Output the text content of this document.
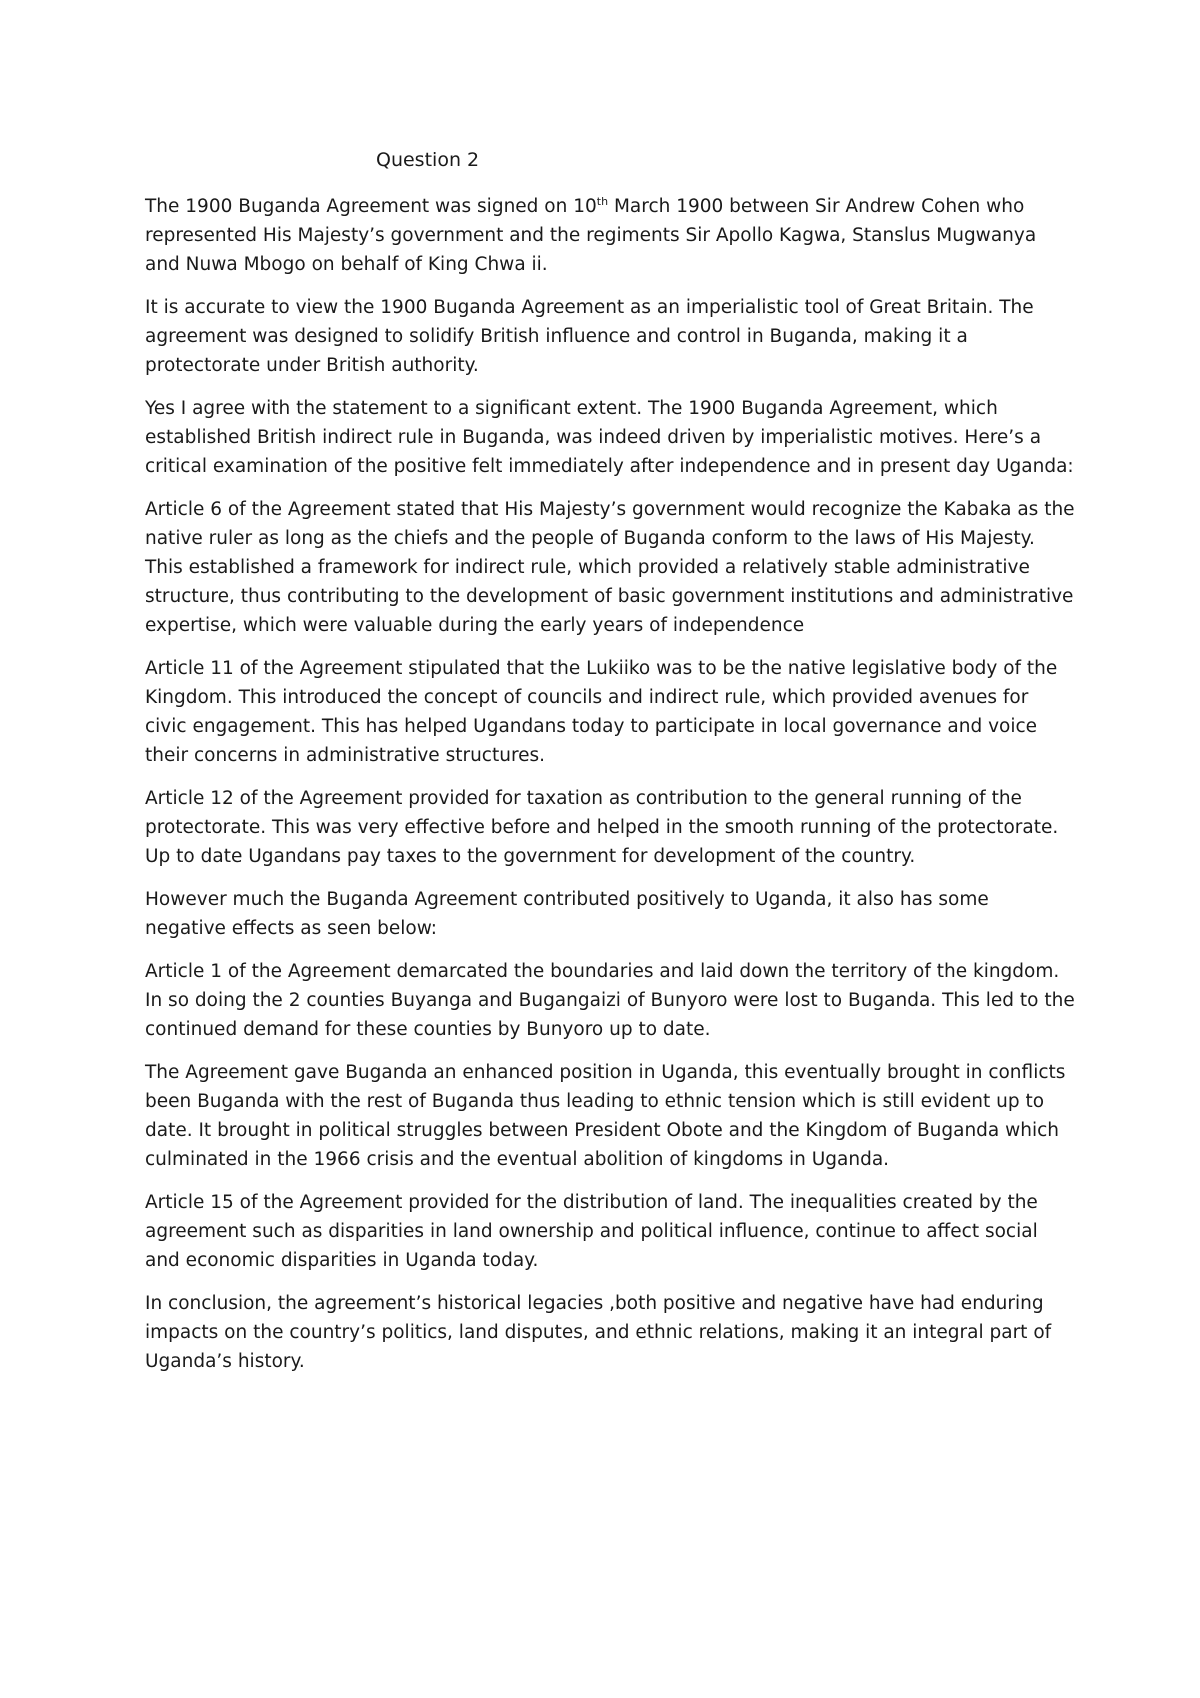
Question 2

The 1900 Buganda Agreement was signed on 10th March 1900 between Sir Andrew Cohen who represented His Majesty’s government and the regiments Sir Apollo Kagwa, Stanslus Mugwanya and Nuwa Mbogo on behalf of King Chwa ii.

It is accurate to view the 1900 Buganda Agreement as an imperialistic tool of Great Britain. The agreement was designed to solidify British influence and control in Buganda, making it a protectorate under British authority.

Yes I agree with the statement to a significant extent. The 1900 Buganda Agreement, which established British indirect rule in Buganda, was indeed driven by imperialistic motives. Here’s a critical examination of the positive felt immediately after independence and in present day Uganda:

Article 6 of the Agreement stated that His Majesty’s government would recognize the Kabaka as the native ruler as long as the chiefs and the people of Buganda conform to the laws of His Majesty. This established a framework for indirect rule, which provided a relatively stable administrative structure, thus contributing to the development of basic government institutions and administrative expertise, which were valuable during the early years of independence

Article 11 of the Agreement stipulated that the Lukiiko was to be the native legislative body of the Kingdom. This introduced the concept of councils and indirect rule, which provided avenues for civic engagement. This has helped Ugandans today to participate in local governance and voice their concerns in administrative structures.

Article 12 of the Agreement provided for taxation as contribution to the general running of the protectorate. This was very effective before and helped in the smooth running of the protectorate. Up to date Ugandans pay taxes to the government for development of the country.

However much the Buganda Agreement contributed positively to Uganda, it also has some negative effects as seen below:

Article 1 of the Agreement demarcated the boundaries and laid down the territory of the kingdom. In so doing the 2 counties Buyanga and Bugangaizi of Bunyoro were lost to Buganda. This led to the continued demand for these counties by Bunyoro up to date.

The Agreement gave Buganda an enhanced position in Uganda, this eventually brought in conflicts been Buganda with the rest of Buganda thus leading to ethnic tension which is still evident up to date. It brought in political struggles between President Obote and the Kingdom of Buganda which culminated in the 1966 crisis and the eventual abolition of kingdoms in Uganda.

Article 15 of the Agreement provided for the distribution of land. The inequalities created by the agreement such as disparities in land ownership and political influence, continue to affect social and economic disparities in Uganda today.

In conclusion, the agreement’s historical legacies ,both positive and negative have had enduring impacts on the country’s politics, land disputes, and ethnic relations, making it an integral part of Uganda’s history.
